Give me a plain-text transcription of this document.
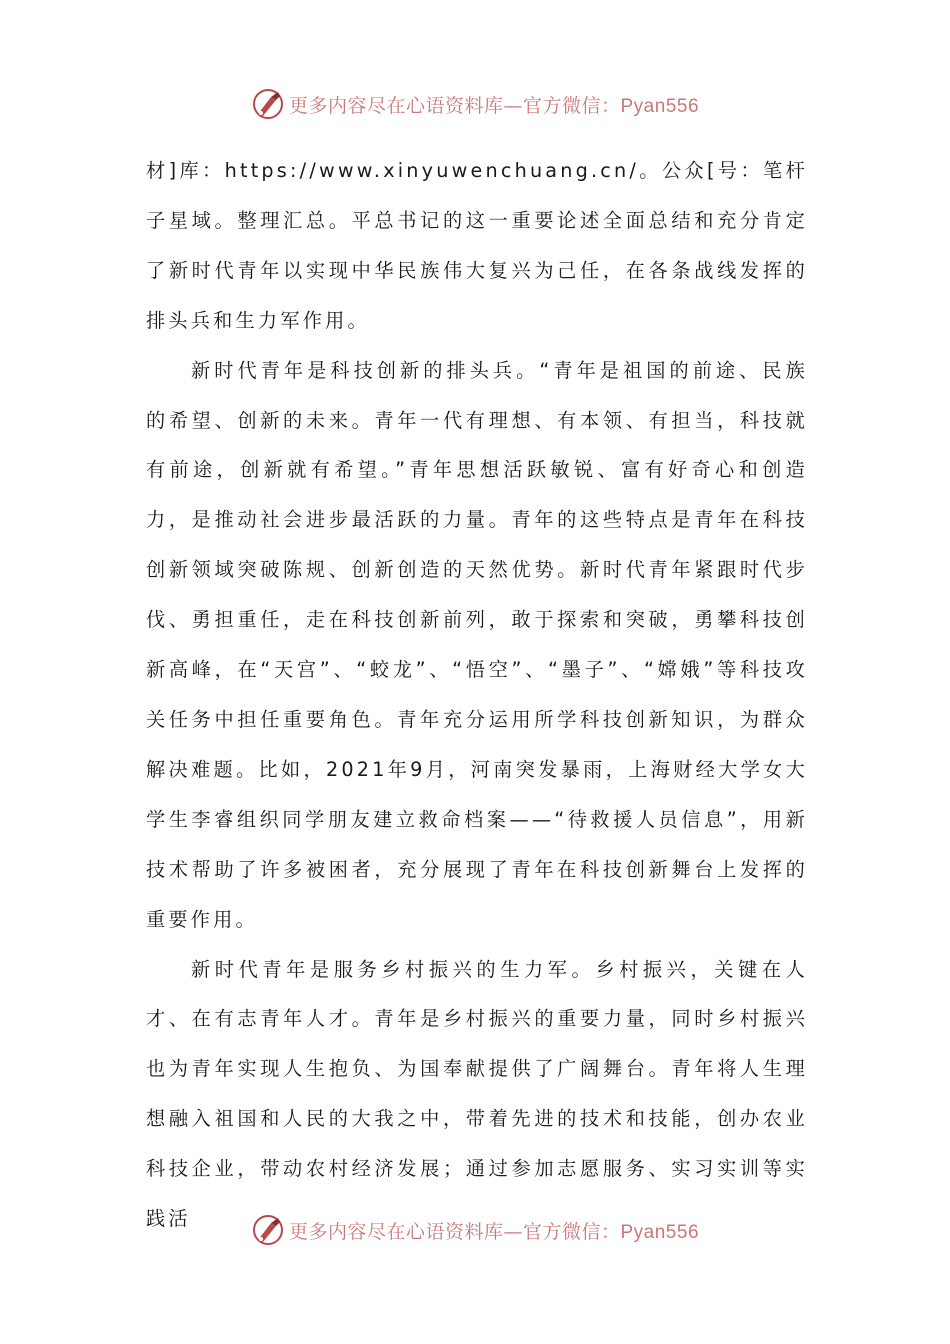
更多内容尽在心语资料库—官方微信：Pyan556

材]库：https://www.xinyuwenchuang.cn/。公众[号：笔杆子星域。整理汇总。平总书记的这一重要论述全面总结和充分肯定了新时代青年以实现中华民族伟大复兴为己任，在各条战线发挥的排头兵和生力军作用。

新时代青年是科技创新的排头兵。“青年是祖国的前途、民族的希望、创新的未来。青年一代有理想、有本领、有担当，科技就有前途，创新就有希望。”青年思想活跃敏锐、富有好奇心和创造力，是推动社会进步最活跃的力量。青年的这些特点是青年在科技创新领域突破陈规、创新创造的天然优势。新时代青年紧跟时代步伐、勇担重任，走在科技创新前列，敢于探索和突破，勇攀科技创新高峰，在“天宫”、“蛟龙”、“悟空”、“墨子”、“嫦娥”等科技攻关任务中担任重要角色。青年充分运用所学科技创新知识，为群众解决难题。比如，2021年9月，河南突发暴雨，上海财经大学女大学生李睿组织同学朋友建立救命档案——“待救援人员信息”，用新技术帮助了许多被困者，充分展现了青年在科技创新舞台上发挥的重要作用。

新时代青年是服务乡村振兴的生力军。乡村振兴，关键在人才、在有志青年人才。青年是乡村振兴的重要力量，同时乡村振兴也为青年实现人生抱负、为国奉献提供了广阔舞台。青年将人生理想融入祖国和人民的大我之中，带着先进的技术和技能，创办农业科技企业，带动农村经济发展；通过参加志愿服务、实习实训等实践活

更多内容尽在心语资料库—官方微信：Pyan556
